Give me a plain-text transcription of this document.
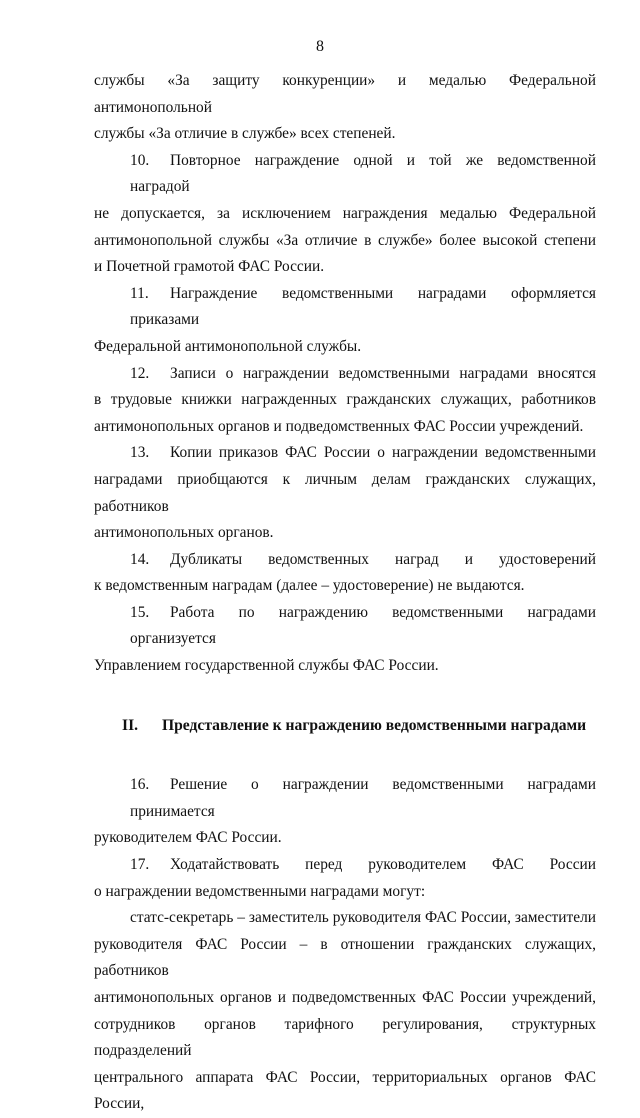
8
службы «За защиту конкуренции» и медалью Федеральной антимонопольной
службы «За отличие в службе» всех степеней.
10. Повторное награждение одной и той же ведомственной наградой
не допускается, за исключением награждения медалью Федеральной
антимонопольной службы «За отличие в службе» более высокой степени
и Почетной грамотой ФАС России.
11. Награждение ведомственными наградами оформляется приказами
Федеральной антимонопольной службы.
12. Записи о награждении ведомственными наградами вносятся
в трудовые книжки награжденных гражданских служащих, работников
антимонопольных органов и подведомственных ФАС России учреждений.
13. Копии приказов ФАС России о награждении ведомственными
наградами приобщаются к личным делам гражданских служащих, работников
антимонопольных органов.
14. Дубликаты ведомственных наград и удостоверений
к ведомственным наградам (далее – удостоверение) не выдаются.
15. Работа по награждению ведомственными наградами организуется
Управлением государственной службы ФАС России.
II. Представление к награждению ведомственными наградами
16. Решение о награждении ведомственными наградами принимается
руководителем ФАС России.
17. Ходатайствовать перед руководителем ФАС России
о награждении ведомственными наградами могут:
статс-секретарь – заместитель руководителя ФАС России, заместители
руководителя ФАС России – в отношении гражданских служащих, работников
антимонопольных органов и подведомственных ФАС России учреждений,
сотрудников органов тарифного регулирования, структурных подразделений
центрального аппарата ФАС России, территориальных органов ФАС России,
